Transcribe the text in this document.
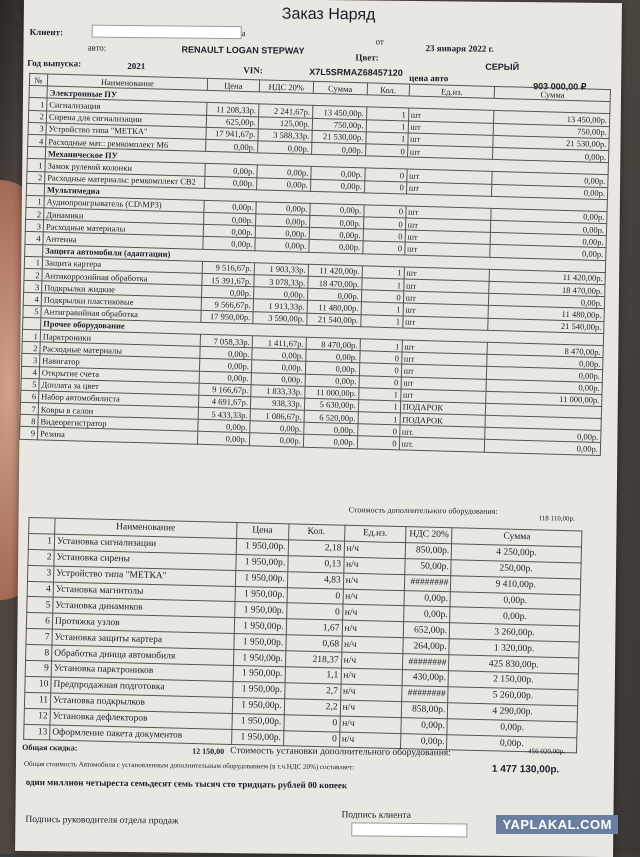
Заказ Наряд
Клиент:	а
от
23 января 2022 г.
авто:	RENAULT LOGAN STEPWAY
Цвет:
СЕРЫЙ
Год выпуска:	2021	VIN:	X7L5SRMAZ68457120
цена авто
903 000,00 ₽
№	Наименование	Цена	НДС 20%	Сумма	Кол.	Ед.из.	Сумма
	Электронные ПУ						
1	Сигнализация	11 208,33р.	2 241,67р.	13 450,00р.	1	шт	13 450,00р.
2	Сирена для сигнализации	625,00р.	125,00р.	750,00р.	1	шт	750,00р.
3	Устройство типа "МЕТКА"	17 941,67р.	3 588,33р.	21 530,00р.	1	шт	21 530,00р.
4	Расходные мат.: ремкомплект М6	0,00р.	0,00р.	0,00р.	0	шт	0,00р.
	Механическое ПУ						
1	Замок рулевой колонки	0,00р.	0,00р.	0,00р.	0	шт	0,00р.
2	Расходные материалы: ремкомплект СВ2	0,00р.	0,00р.	0,00р.	0	шт	0,00р.
	Мультимедиа						
1	Аудиопроигрыватель (CD\MP3)	0,00р.	0,00р.	0,00р.	0	шт	0,00р.
2	Динамики	0,00р.	0,00р.	0,00р.	0	шт	0,00р.
3	Расходные материалы	0,00р.	0,00р.	0,00р.	0	шт	0,00р.
4	Антенна	0,00р.	0,00р.	0,00р.	0	шт	0,00р.
	Защита автомобиля (адаптации)						
1	Защита картера	9 516,67р.	1 903,33р.	11 420,00р.	1	шт	11 420,00р.
2	Антикоррозийная обработка	15 391,67р.	3 078,33р.	18 470,00р.	1	шт	18 470,00р.
3	Подкрылки жидкие	0,00р.	0,00р.	0,00р.	0	шт	0,00р.
4	Подкрылки пластиковые	9 566,67р.	1 913,33р.	11 480,00р.	1	шт	11 480,00р.
5	Антигравийная обработка	17 950,00р.	3 590,00р.	21 540,00р.	1	шт	21 540,00р.
	Прочее оборудование						
1	Парктроники	7 058,33р.	1 411,67р.	8 470,00р.	1	шт	8 470,00р.
2	Расходные материалы	0,00р.	0,00р.	0,00р.	0	шт	0,00р.
3	Навигатор	0,00р.	0,00р.	0,00р.	0	шт	0,00р.
4	Открытие счета	0,00р.	0,00р.	0,00р.	0	шт	0,00р.
5	Доплата за цвет	9 166,67р.	1 833,33р.	11 000,00р.	1	шт	11 000,00р.
6	Набор автомобилиста	4 691,67р.	938,33р.	5 630,00р.	1	ПОДАРОК	
7	Ковры в салон	5 433,33р.	1 086,67р.	6 520,00р.	1	ПОДАРОК	
8	Видеорегистратор	0,00р.	0,00р.	0,00р.	0	шт.	0,00р.
9	Резина	0,00р.	0,00р.	0,00р.	0	шт.	0,00р.
Стоимость дополнительного оборудования:
118 110,00р.
	Наименование	Цена	Кол.	Ед.из.	НДС 20%	Сумма
1	Установка сигнализации	1 950,00р.	2,18	н/ч	850,00р.	4 250,00р.
2	Установка сирены	1 950,00р.	0,13	н/ч	50,00р.	250,00р.
3	Устройство типа "МЕТКА"	1 950,00р.	4,83	н/ч	########	9 410,00р.
4	Установка магнитолы	1 950,00р.	0	н/ч	0,00р.	0,00р.
5	Установка динамиков	1 950,00р.	0	н/ч	0,00р.	0,00р.
6	Протяжка узлов	1 950,00р.	1,67	н/ч	652,00р.	3 260,00р.
7	Установка защиты картера	1 950,00р.	0,68	н/ч	264,00р.	1 320,00р.
8	Обработка днища автомобиля	1 950,00р.	218,37	н/ч	########	425 830,00р.
9	Установка парктроников	1 950,00р.	1,1	н/ч	430,00р.	2 150,00р.
10	Предпродажная подготовка	1 950,00р.	2,7	н/ч	########	5 260,00р.
11	Установка подкрылков	1 950,00р.	2,2	н/ч	858,00р.	4 290,00р.
12	Установка дефлекторов	1 950,00р.	0	н/ч	0,00р.	0,00р.
13	Оформление пакета документов	1 950,00р.	0	н/ч	0,00р.	0,00р.
Общая скидка:	12 150,00 Стоимость установки дополнительного оборудования:	456 020,00р.
Общая стоимость Автомобиля с установленным дополнительным оборудованием (в т.ч.НДС 20%) составляет:	1 477 130,00р.
один миллион четыреста семьдесят семь тысяч сто тридцать рублей 00 копеек
Подпись клиента
Подпись руководителя отдела продаж	YAPLAKAL.COM
